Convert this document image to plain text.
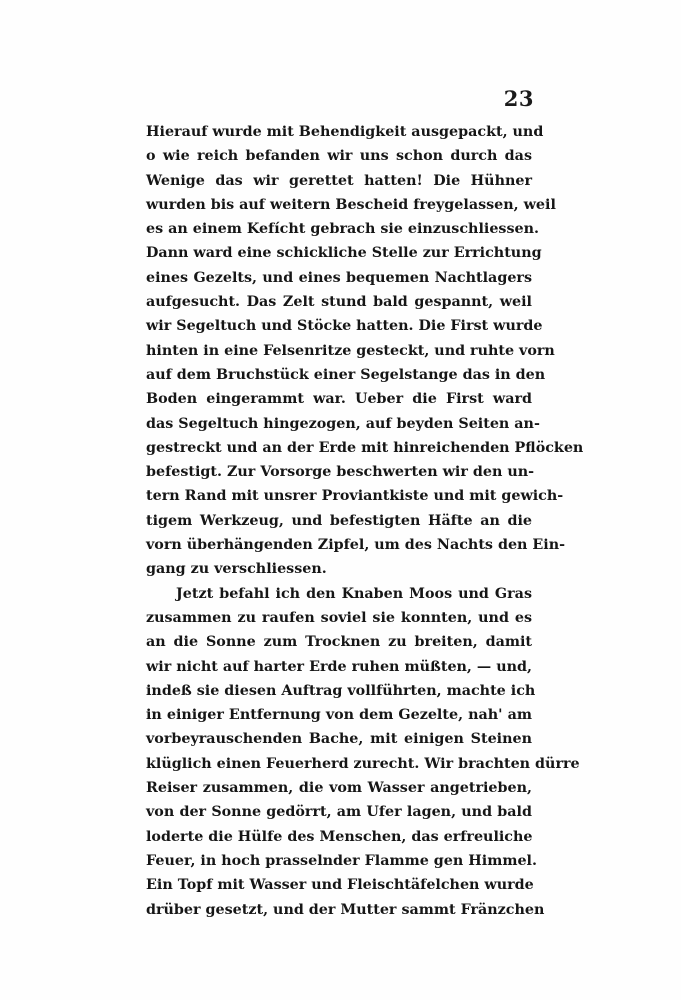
23
Hierauf wurde mit Behendigkeit ausgepackt, und
o wie reich befanden wir uns schon durch das
Wenige das wir gerettet hatten! Die Hühner
wurden bis auf weitern Bescheid freygelassen, weil
es an einem Kefícht gebrach sie einzuschliessen.
Dann ward eine schickliche Stelle zur Errichtung
eines Gezelts, und eines bequemen Nachtlagers
aufgesucht. Das Zelt stund bald gespannt, weil
wir Segeltuch und Stöcke hatten. Die First wurde
hinten in eine Felsenritze gesteckt, und ruhte vorn
auf dem Bruchstück einer Segelstange das in den
Boden eingerammt war. Ueber die First ward
das Segeltuch hingezogen, auf beyden Seiten an-
gestreckt und an der Erde mit hinreichenden Pflöcken
befestigt. Zur Vorsorge beschwerten wir den un-
tern Rand mit unsrer Proviantkiste und mit gewich-
tigem Werkzeug, und befestigten Häfte an die
vorn überhängenden Zipfel, um des Nachts den Ein-
gang zu verschliessen.
Jetzt befahl ich den Knaben Moos und Gras
zusammen zu raufen soviel sie konnten, und es
an die Sonne zum Trocknen zu breiten, damit
wir nicht auf harter Erde ruhen müßten, — und,
indeß sie diesen Auftrag vollführten, machte ich
in einiger Entfernung von dem Gezelte, nah' am
vorbeyrauschenden Bache, mit einigen Steinen
klüglich einen Feuerherd zurecht. Wir brachten dürre
Reiser zusammen, die vom Wasser angetrieben,
von der Sonne gedörrt, am Ufer lagen, und bald
loderte die Hülfe des Menschen, das erfreuliche
Feuer, in hoch prasselnder Flamme gen Himmel.
Ein Topf mit Wasser und Fleischtäfelchen wurde
drüber gesetzt, und der Mutter sammt Fränzchen
